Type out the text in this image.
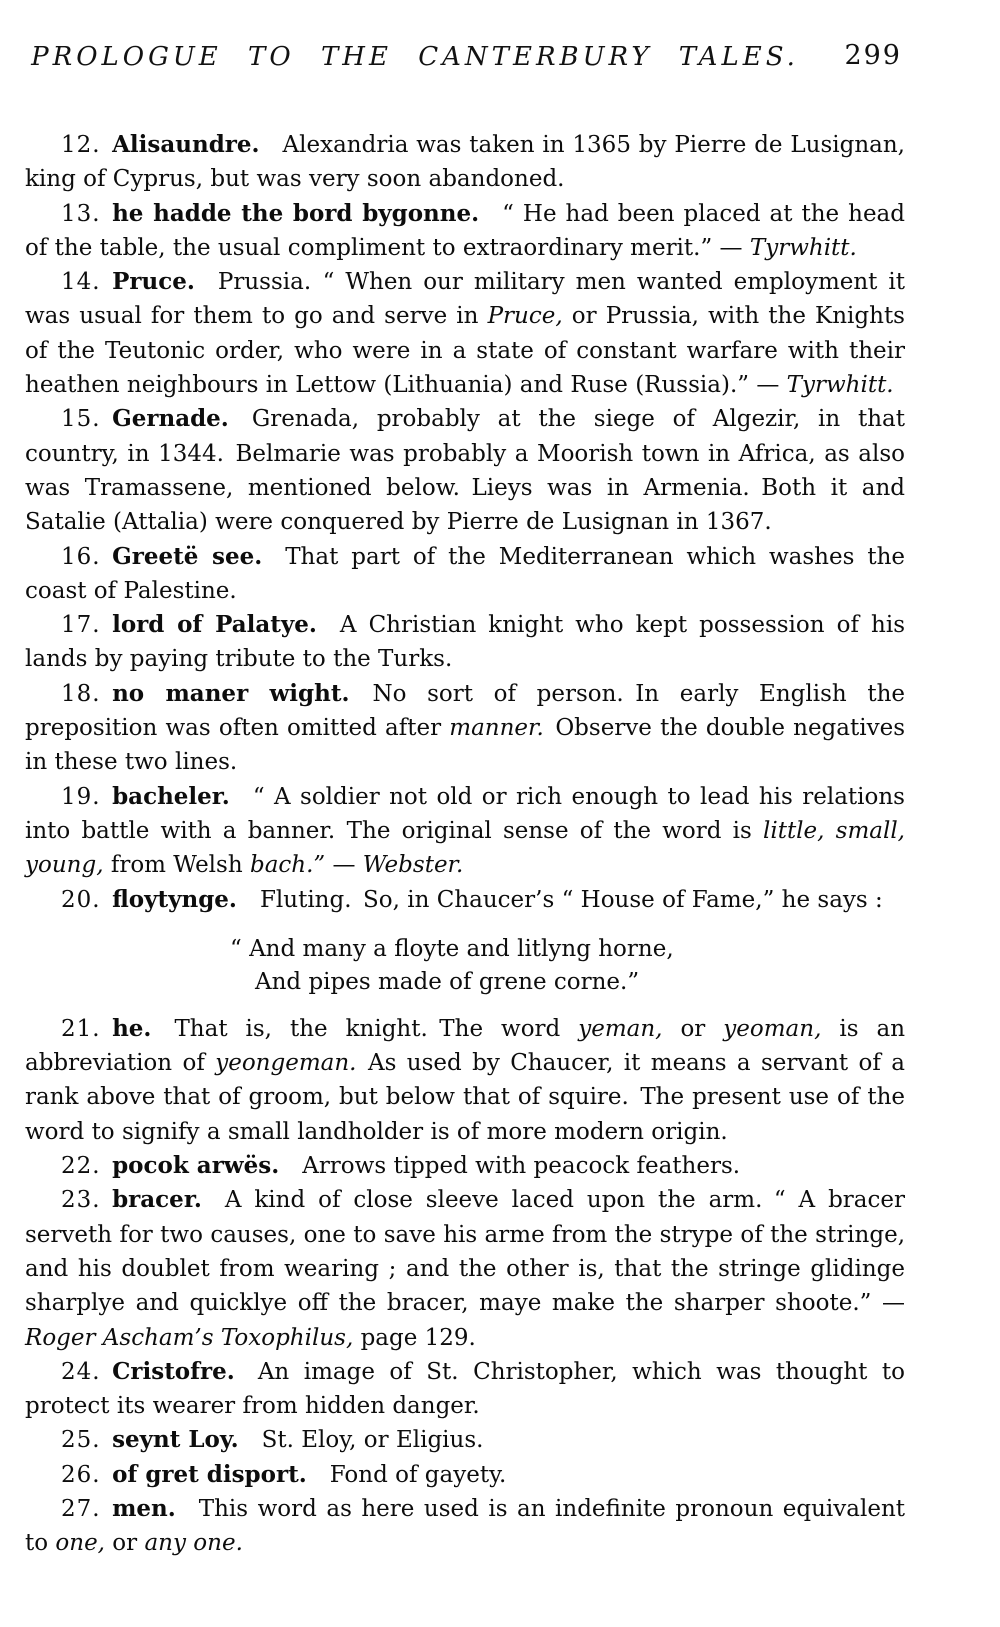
PROLOGUE TO THE CANTERBURY TALES.	299

12.  Alisaundre.  Alexandria was taken in 1365 by Pierre de Lusignan, king of Cyprus, but was very soon abandoned.

13.  he hadde the bord bygonne.  “ He had been placed at the head of the table, the usual compliment to extraordinary merit.” — Tyrwhitt.

14.  Pruce.  Prussia. “ When our military men wanted employment it was usual for them to go and serve in Pruce, or Prussia, with the Knights of the Teutonic order, who were in a state of constant warfare with their heathen neighbours in Lettow (Lithuania) and Ruse (Russia).” — Tyrwhitt.

15.  Gernade.  Grenada, probably at the siege of Algezir, in that country, in 1344. Belmarie was probably a Moorish town in Africa, as also was Tramassene, mentioned below. Lieys was in Armenia. Both it and Satalie (Attalia) were conquered by Pierre de Lusignan in 1367.

16.  Greetë see.  That part of the Mediterranean which washes the coast of Palestine.

17.  lord of Palatye.  A Christian knight who kept possession of his lands by paying tribute to the Turks.

18.  no maner wight.  No sort of person. In early English the preposition was often omitted after manner. Observe the double negatives in these two lines.

19.  bacheler.  “ A soldier not old or rich enough to lead his relations into battle with a banner. The original sense of the word is little, small, young, from Welsh bach.” — Webster.

20.  floytynge.  Fluting. So, in Chaucer’s “ House of Fame,” he says :

“ And many a floyte and litlyng horne,
And pipes made of grene corne.”

21.  he.  That is, the knight. The word yeman, or yeoman, is an abbreviation of yeongeman. As used by Chaucer, it means a servant of a rank above that of groom, but below that of squire. The present use of the word to signify a small landholder is of more modern origin.

22.  pocok arwës.  Arrows tipped with peacock feathers.

23.  bracer.  A kind of close sleeve laced upon the arm. “ A bracer serveth for two causes, one to save his arme from the strype of the stringe, and his doublet from wearing ; and the other is, that the stringe glidinge sharplye and quicklye off the bracer, maye make the sharper shoote.” — Roger Ascham’s Toxophilus, page 129.

24.  Cristofre.  An image of St. Christopher, which was thought to protect its wearer from hidden danger.

25.  seynt Loy.  St. Eloy, or Eligius.

26.  of gret disport.  Fond of gayety.

27.  men.  This word as here used is an indefinite pronoun equivalent to one, or any one.
